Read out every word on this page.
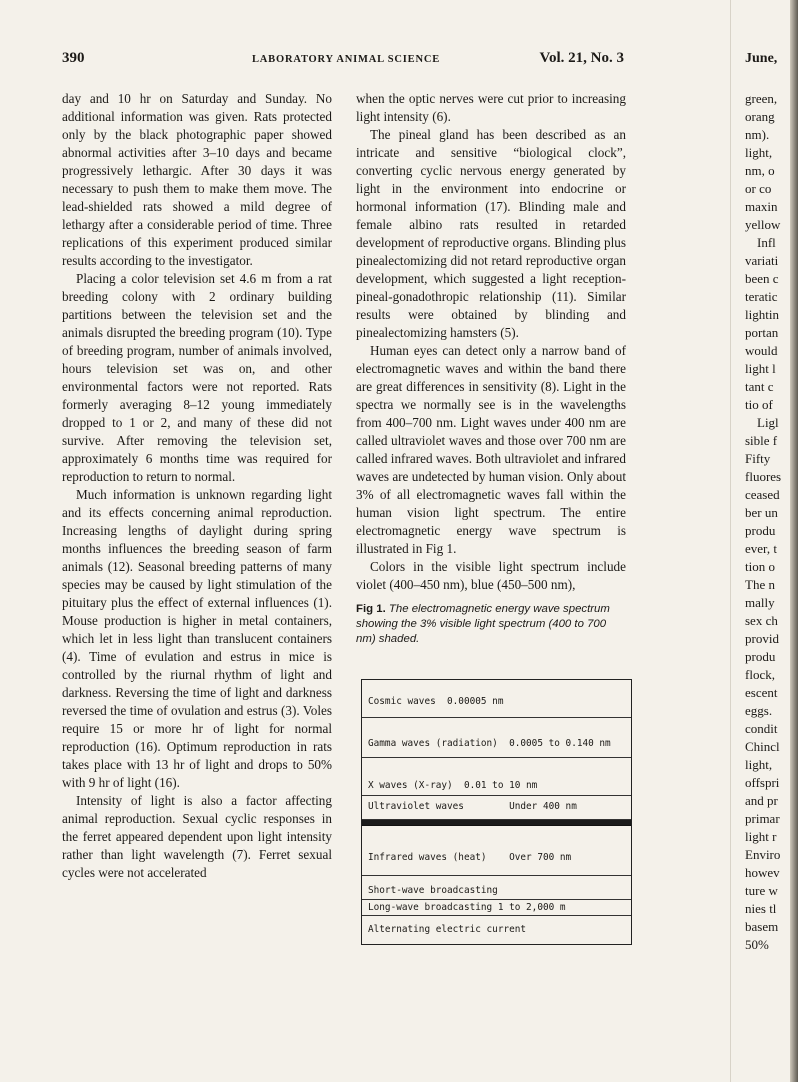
390	LABORATORY ANIMAL SCIENCE	Vol. 21, No. 3

day and 10 hr on Saturday and Sunday. No additional information was given. Rats protected only by the black photographic paper showed abnormal activities after 3–10 days and became progressively lethargic. After 30 days it was necessary to push them to make them move. The lead-shielded rats showed a mild degree of lethargy after a considerable period of time. Three replications of this experiment produced similar results according to the investigator.

Placing a color television set 4.6 m from a rat breeding colony with 2 ordinary building partitions between the television set and the animals disrupted the breeding program (10). Type of breeding program, number of animals involved, hours television set was on, and other environmental factors were not reported. Rats formerly averaging 8–12 young immediately dropped to 1 or 2, and many of these did not survive. After removing the television set, approximately 6 months time was required for reproduction to return to normal.

Much information is unknown regarding light and its effects concerning animal reproduction. Increasing lengths of daylight during spring months influences the breeding season of farm animals (12). Seasonal breeding patterns of many species may be caused by light stimulation of the pituitary plus the effect of external influences (1). Mouse production is higher in metal containers, which let in less light than translucent containers (4). Time of evulation and estrus in mice is controlled by the riurnal rhythm of light and darkness. Reversing the time of light and darkness reversed the time of ovulation and estrus (3). Voles require 15 or more hr of light for normal reproduction (16). Optimum reproduction in rats takes place with 13 hr of light and drops to 50% with 9 hr of light (16).

Intensity of light is also a factor affecting animal reproduction. Sexual cyclic responses in the ferret appeared dependent upon light intensity rather than light wavelength (7). Ferret sexual cycles were not accelerated

when the optic nerves were cut prior to increasing light intensity (6).

The pineal gland has been described as an intricate and sensitive “biological clock”, converting cyclic nervous energy generated by light in the environment into endocrine or hormonal information (17). Blinding male and female albino rats resulted in retarded development of reproductive organs. Blinding plus pinealectomizing did not retard reproductive organ development, which suggested a light reception-pineal-gonadothropic relationship (11). Similar results were obtained by blinding and pinealectomizing hamsters (5).

Human eyes can detect only a narrow band of electromagnetic waves and within the band there are great differences in sensitivity (8). Light in the spectra we normally see is in the wavelengths from 400–700 nm. Light waves under 400 nm are called ultraviolet waves and those over 700 nm are called infrared waves. Both ultraviolet and infrared waves are undetected by human vision. Only about 3% of all electromagnetic waves fall within the human vision light spectrum. The entire electromagnetic energy wave spectrum is illustrated in Fig 1.

Colors in the visible light spectrum include violet (400–450 nm), blue (450–500 nm),

Fig 1. The electromagnetic energy wave spectrum showing the 3% visible light spectrum (400 to 700 nm) shaded.

Cosmic waves  0.00005 nm
Gamma waves (radiation)  0.0005 to 0.140 nm
X waves (X-ray)  0.01 to 10 nm
Ultraviolet waves        Under 400 nm
Infrared waves (heat)    Over 700 nm
Short-wave broadcasting
Long-wave broadcasting 1 to 2,000 m
Alternating electric current
June,
green,
orang
nm).
light,
nm, o
or co
maxin
yellow
Infl
variati
been c
teratic
lightin
portan
would
light l
tant c
tio of
Ligl
sible f
Fifty
fluores
ceased
ber un
produ
ever, t
tion o
The n
mally
sex ch
provid
produ
flock,
escent
eggs.
condit
Chincl
light,
offspri
and pr
primar
light r
Enviro
howev
ture w
nies tl
basem
50%
